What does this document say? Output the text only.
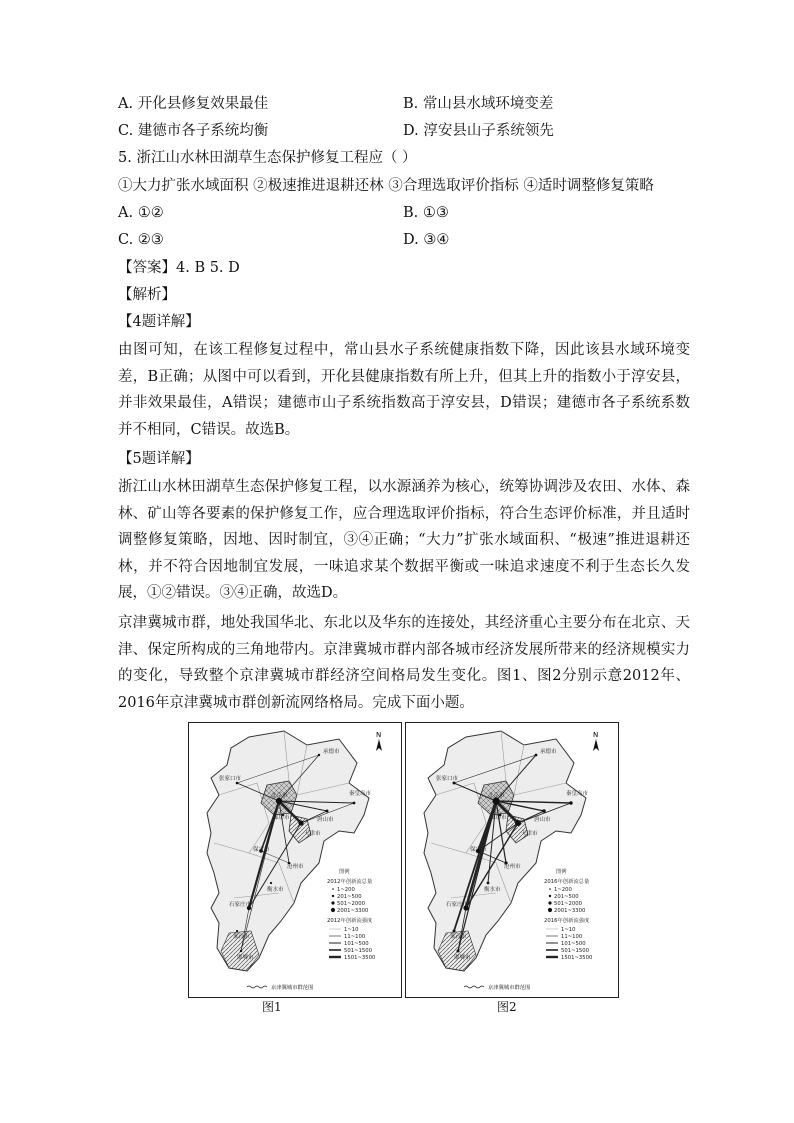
A. 开化县修复效果最佳	B. 常山县水域环境变差
C. 建德市各子系统均衡	D. 淳安县山子系统领先
5. 浙江山水林田湖草生态保护修复工程应（ ）
①大力扩张水域面积 ②极速推进退耕还林 ③合理选取评价指标 ④适时调整修复策略
A. ①②	B. ①③
C. ②③	D. ③④
【答案】4. B 5. D
【解析】
【4题详解】
由图可知，在该工程修复过程中，常山县水子系统健康指数下降，因此该县水域环境变差，B正确；从图中可以看到，开化县健康指数有所上升，但其上升的指数小于淳安县，并非效果最佳，A错误；建德市山子系统指数高于淳安县，D错误；建德市各子系统系数并不相同，C错误。故选B。
【5题详解】
浙江山水林田湖草生态保护修复工程，以水源涵养为核心，统筹协调涉及农田、水体、森林、矿山等各要素的保护修复工作，应合理选取评价指标，符合生态评价标准，并且适时调整修复策略，因地、因时制宜，③④正确；“大力”扩张水域面积、“极速”推进退耕还林，并不符合因地制宜发展，一味追求某个数据平衡或一味追求速度不利于生态长久发展，①②错误。③④正确，故选D。
京津冀城市群，地处我国华北、东北以及华东的连接处，其经济重心主要分布在北京、天津、保定所构成的三角地带内。京津冀城市群内部各城市经济发展所带来的经济规模实力的变化，导致整个京津冀城市群经济空间格局发生变化。图1、图2分别示意2012年、2016年京津冀城市群创新流网络格局。完成下面小题。
承德市
张家口市
秦皇岛市
北京市
唐山市
天津市
廊坊市
保定市
沧州市
石家庄市
衡水市
邢台市
邯郸市
N
图例
2012年创新流总量
1~200
201~500
501~2000
2001~3300
2012年创新流强度
1~10
11~100
101~500
501~1500
1501~3500
京津冀城市群范围
图1
承德市
张家口市
秦皇岛市
北京市
唐山市
天津市
廊坊市
保定市
沧州市
石家庄市
衡水市
邢台市
邯郸市
N
图例
2016年创新流总量
1~200
201~500
501~2000
2001~3300
2016年创新流强度
1~10
11~100
101~500
501~1500
1501~3500
京津冀城市群范围
图2
